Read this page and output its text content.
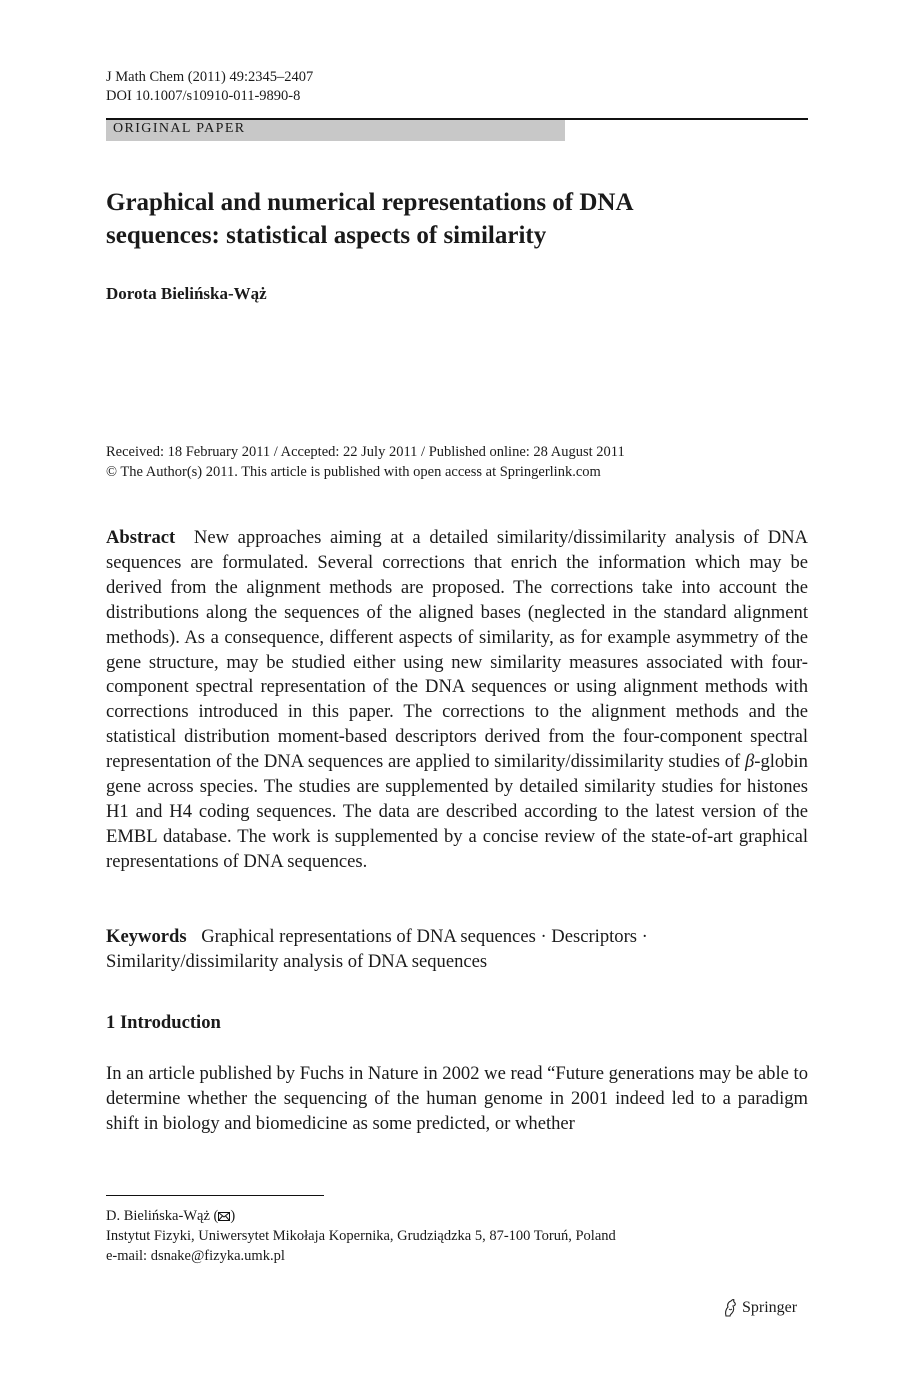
J Math Chem (2011) 49:2345–2407
DOI 10.1007/s10910-011-9890-8
ORIGINAL PAPER
Graphical and numerical representations of DNA sequences: statistical aspects of similarity
Dorota Bielińska-Wąż
Received: 18 February 2011 / Accepted: 22 July 2011 / Published online: 28 August 2011
© The Author(s) 2011. This article is published with open access at Springerlink.com

Abstract New approaches aiming at a detailed similarity/dissimilarity analysis of DNA sequences are formulated. Several corrections that enrich the information which may be derived from the alignment methods are proposed. The corrections take into account the distributions along the sequences of the aligned bases (neglected in the standard alignment methods). As a consequence, different aspects of similarity, as for example asymmetry of the gene structure, may be studied either using new similarity measures associated with four-component spectral representation of the DNA sequences or using alignment methods with corrections introduced in this paper. The corrections to the alignment methods and the statistical distribution moment-based descriptors derived from the four-component spectral representation of the DNA sequences are applied to similarity/dissimilarity studies of β-globin gene across species. The studies are supplemented by detailed similarity studies for histones H1 and H4 coding sequences. The data are described according to the latest version of the EMBL database. The work is supplemented by a concise review of the state-of-art graphical representations of DNA sequences.

Keywords Graphical representations of DNA sequences · Descriptors ·
Similarity/dissimilarity analysis of DNA sequences
1 Introduction

In an article published by Fuchs in Nature in 2002 we read “Future generations may be able to determine whether the sequencing of the human genome in 2001 indeed led to a paradigm shift in biology and biomedicine as some predicted, or whether

D. Bielińska-Wąż ( )
Instytut Fizyki, Uniwersytet Mikołaja Kopernika, Grudziądzka 5, 87-100 Toruń, Poland
e-mail: dsnake@fizyka.umk.pl
Springer
